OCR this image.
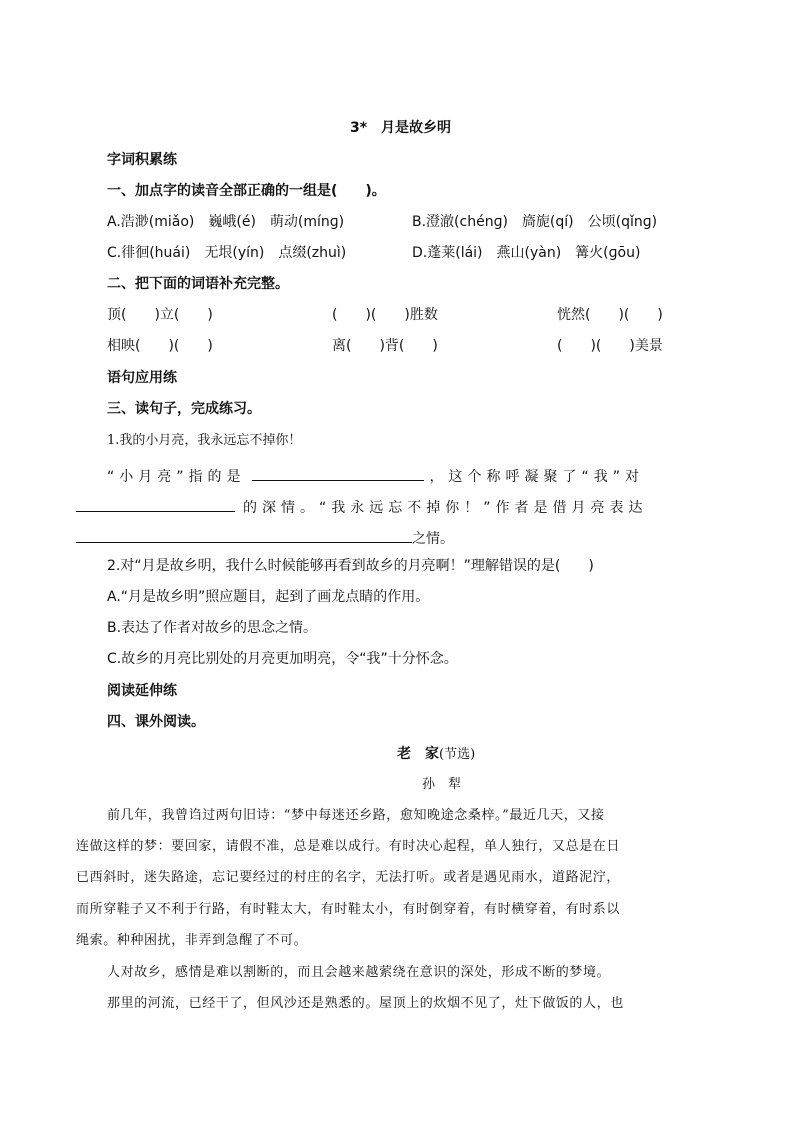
3*　月是故乡明
字词积累练
一、加点字的读音全部正确的一组是(　　)。
A.浩渺(miǎo)　巍峨(é)　萌动(mínɡ)	B.澄澈(chénɡ)　旖旎(qí)　公顷(qǐnɡ)
C.徘徊(huái)　无垠(yín)　点缀(zhuì)	D.蓬莱(lái)　燕山(yàn)　篝火(ɡōu)
二、把下面的词语补充完整。
顶(　　)立(　　)	(　　)(　　)胜数	恍然(　　)(　　)
相映(　　)(　　)	离(　　)背(　　)	(　　)(　　)美景
语句应用练
三、读句子，完成练习。
1.我的小月亮，我永远忘不掉你！
“小月亮”指的是	，这个称呼凝聚了“我”对
的深情。“我永远忘不掉你！”作者是借月亮表达
之情。
2.对“月是故乡明，我什么时候能够再看到故乡的月亮啊！”理解错误的是(　　)
A.“月是故乡明”照应题目，起到了画龙点睛的作用。
B.表达了作者对故乡的思念之情。
C.故乡的月亮比别处的月亮更加明亮，令“我”十分怀念。
阅读延伸练
四、课外阅读。
老　家(节选)
孙　犁
前几年，我曾诌过两句旧诗：“梦中每迷还乡路，愈知晚途念桑梓。”最近几天，又接
连做这样的梦：要回家，请假不准，总是难以成行。有时决心起程，单人独行，又总是在日
已西斜时，迷失路途，忘记要经过的村庄的名字，无法打听。或者是遇见雨水，道路泥泞，
而所穿鞋子又不利于行路，有时鞋太大，有时鞋太小，有时倒穿着，有时横穿着，有时系以
绳索。种种困扰，非弄到急醒了不可。
人对故乡，感情是难以割断的，而且会越来越萦绕在意识的深处，形成不断的梦境。
那里的河流，已经干了，但风沙还是熟悉的。屋顶上的炊烟不见了，灶下做饭的人，也
